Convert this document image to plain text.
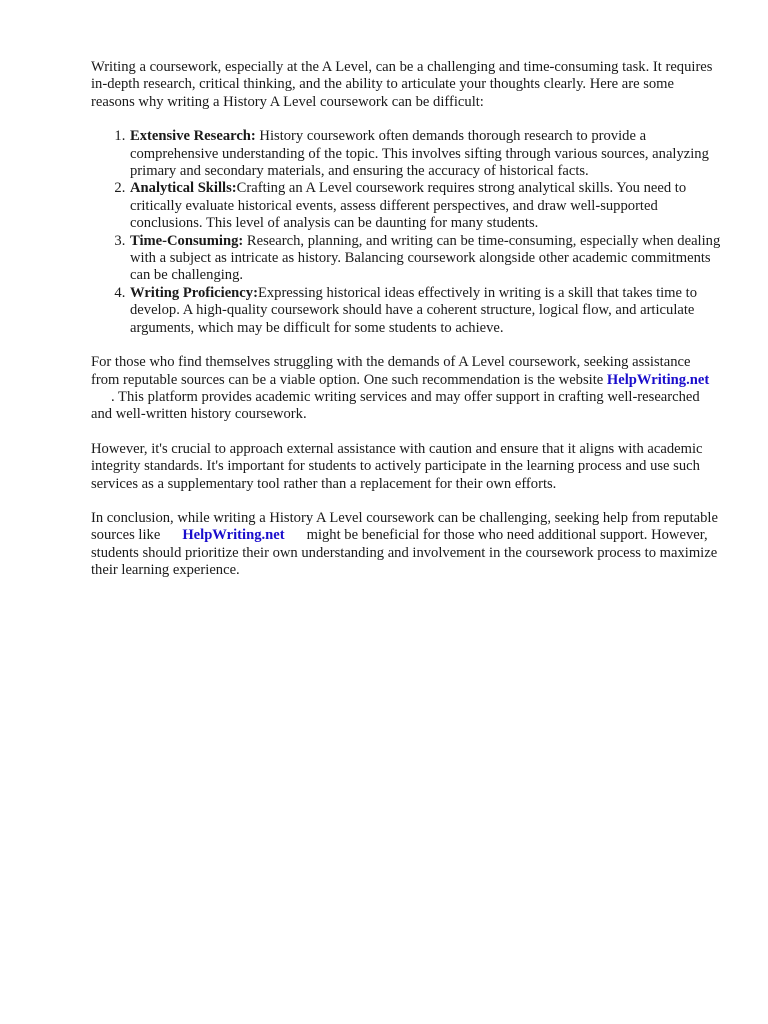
Writing a coursework, especially at the A Level, can be a challenging and time-consuming task. It requires in-depth research, critical thinking, and the ability to articulate your thoughts clearly. Here are some reasons why writing a History A Level coursework can be difficult:

1. Extensive Research: History coursework often demands thorough research to provide a comprehensive understanding of the topic. This involves sifting through various sources, analyzing primary and secondary materials, and ensuring the accuracy of historical facts.
2. Analytical Skills:Crafting an A Level coursework requires strong analytical skills. You need to critically evaluate historical events, assess different perspectives, and draw well-supported conclusions. This level of analysis can be daunting for many students.
3. Time-Consuming: Research, planning, and writing can be time-consuming, especially when dealing with a subject as intricate as history. Balancing coursework alongside other academic commitments can be challenging.
4. Writing Proficiency:Expressing historical ideas effectively in writing is a skill that takes time to develop. A high-quality coursework should have a coherent structure, logical flow, and articulate arguments, which may be difficult for some students to achieve.

For those who find themselves struggling with the demands of A Level coursework, seeking assistance from reputable sources can be a viable option. One such recommendation is the website HelpWriting.net. This platform provides academic writing services and may offer support in crafting well-researched and well-written history coursework.

However, it's crucial to approach external assistance with caution and ensure that it aligns with academic integrity standards. It's important for students to actively participate in the learning process and use such services as a supplementary tool rather than a replacement for their own efforts.

In conclusion, while writing a History A Level coursework can be challenging, seeking help from reputable sources like HelpWriting.net might be beneficial for those who need additional support. However, students should prioritize their own understanding and involvement in the coursework process to maximize their learning experience.
